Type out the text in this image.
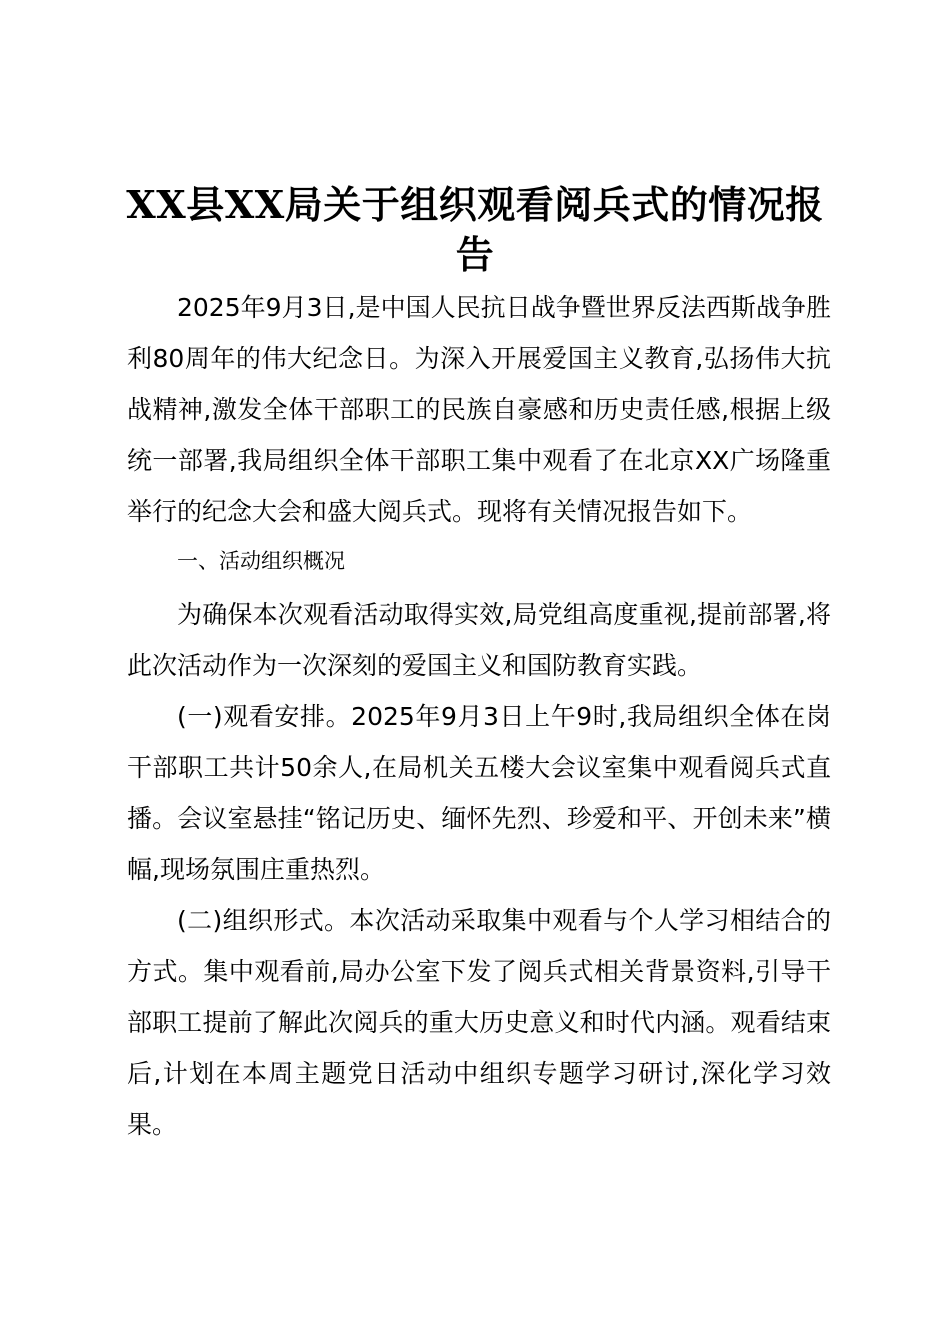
XX县XX局关于组织观看阅兵式的情况报告

2025年9月3日,是中国人民抗日战争暨世界反法西斯战争胜利80周年的伟大纪念日。为深入开展爱国主义教育,弘扬伟大抗战精神,激发全体干部职工的民族自豪感和历史责任感,根据上级统一部署,我局组织全体干部职工集中观看了在北京XX广场隆重举行的纪念大会和盛大阅兵式。现将有关情况报告如下。

一、活动组织概况

为确保本次观看活动取得实效,局党组高度重视,提前部署,将此次活动作为一次深刻的爱国主义和国防教育实践。

(一)观看安排。2025年9月3日上午9时,我局组织全体在岗干部职工共计50余人,在局机关五楼大会议室集中观看阅兵式直播。会议室悬挂“铭记历史、缅怀先烈、珍爱和平、开创未来”横幅,现场氛围庄重热烈。

(二)组织形式。本次活动采取集中观看与个人学习相结合的方式。集中观看前,局办公室下发了阅兵式相关背景资料,引导干部职工提前了解此次阅兵的重大历史意义和时代内涵。观看结束后,计划在本周主题党日活动中组织专题学习研讨,深化学习效果。
